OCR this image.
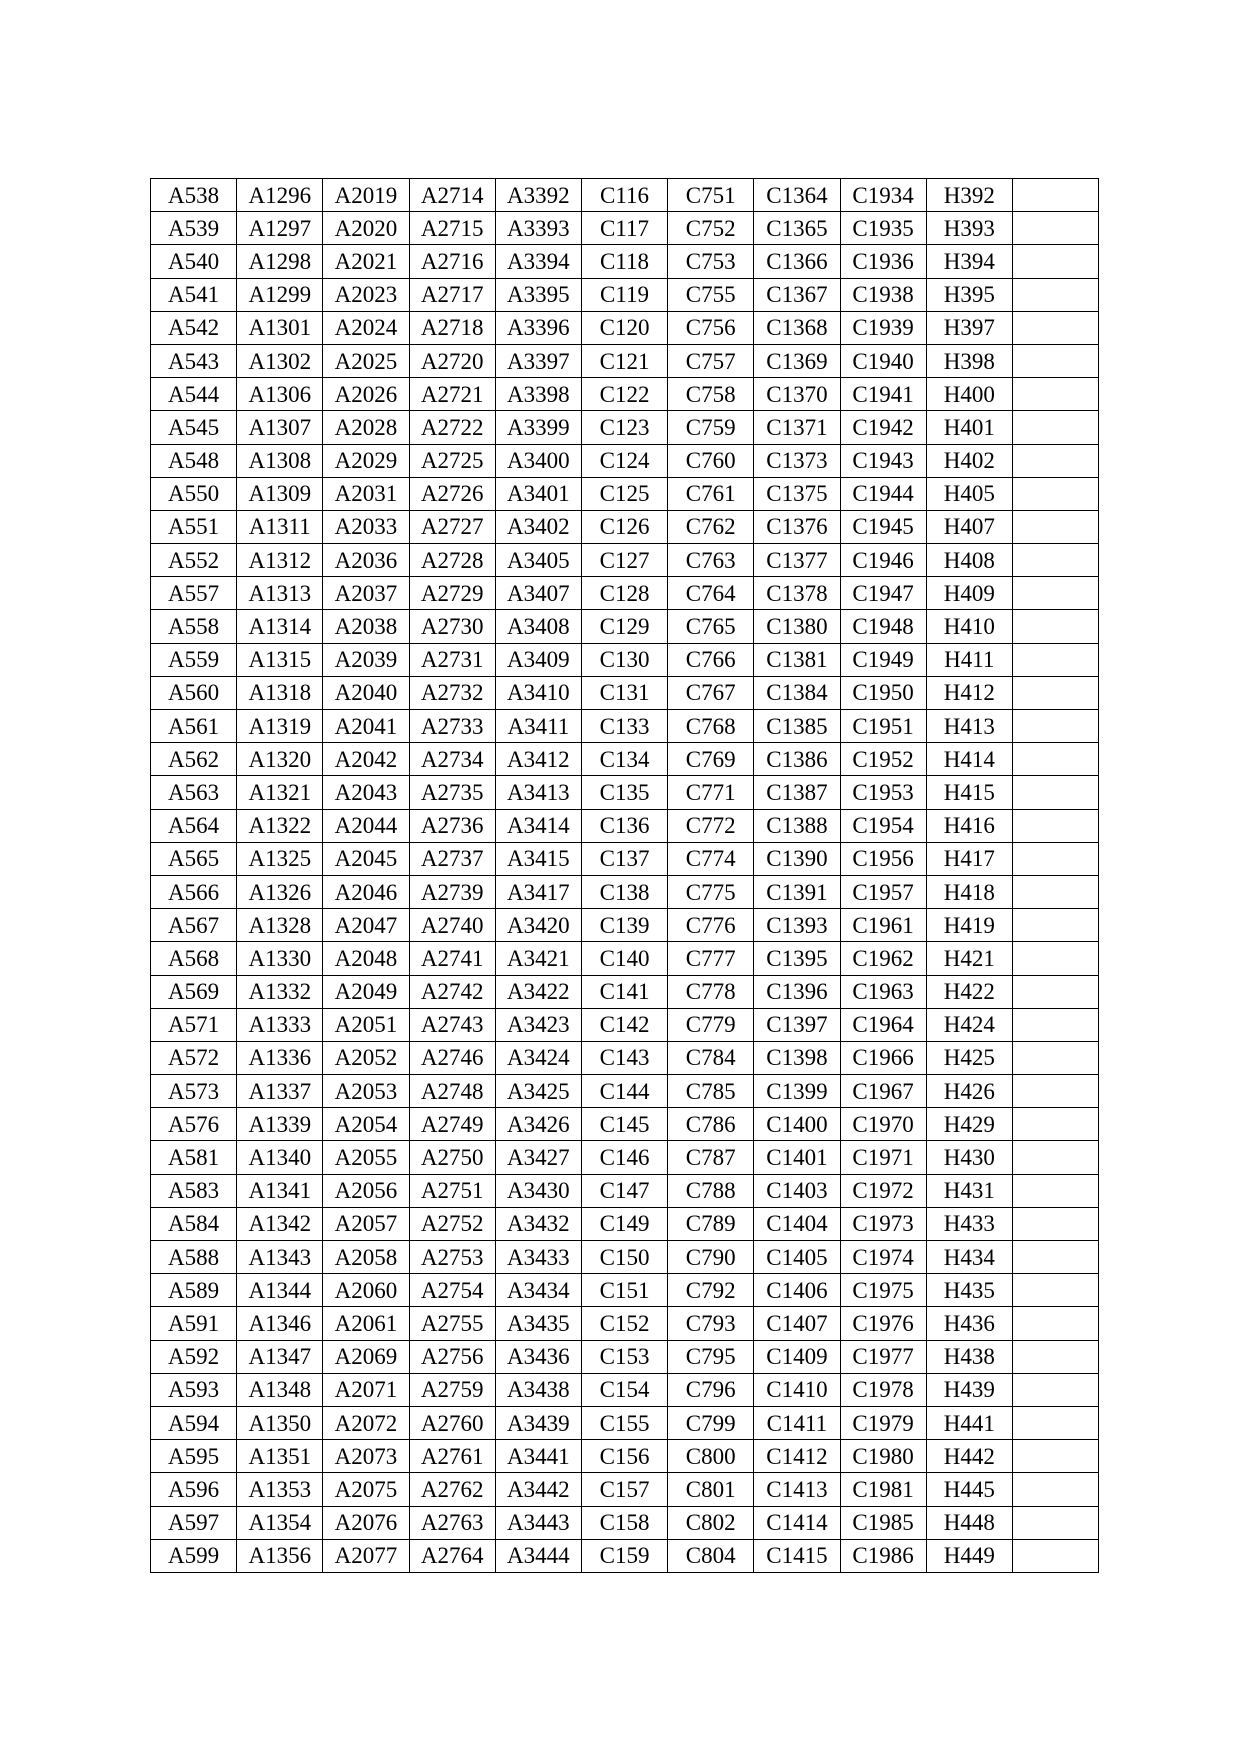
A538	A1296	A2019	A2714	A3392	C116	C751	C1364	C1934	H392	
A539	A1297	A2020	A2715	A3393	C117	C752	C1365	C1935	H393	
A540	A1298	A2021	A2716	A3394	C118	C753	C1366	C1936	H394	
A541	A1299	A2023	A2717	A3395	C119	C755	C1367	C1938	H395	
A542	A1301	A2024	A2718	A3396	C120	C756	C1368	C1939	H397	
A543	A1302	A2025	A2720	A3397	C121	C757	C1369	C1940	H398	
A544	A1306	A2026	A2721	A3398	C122	C758	C1370	C1941	H400	
A545	A1307	A2028	A2722	A3399	C123	C759	C1371	C1942	H401	
A548	A1308	A2029	A2725	A3400	C124	C760	C1373	C1943	H402	
A550	A1309	A2031	A2726	A3401	C125	C761	C1375	C1944	H405	
A551	A1311	A2033	A2727	A3402	C126	C762	C1376	C1945	H407	
A552	A1312	A2036	A2728	A3405	C127	C763	C1377	C1946	H408	
A557	A1313	A2037	A2729	A3407	C128	C764	C1378	C1947	H409	
A558	A1314	A2038	A2730	A3408	C129	C765	C1380	C1948	H410	
A559	A1315	A2039	A2731	A3409	C130	C766	C1381	C1949	H411	
A560	A1318	A2040	A2732	A3410	C131	C767	C1384	C1950	H412	
A561	A1319	A2041	A2733	A3411	C133	C768	C1385	C1951	H413	
A562	A1320	A2042	A2734	A3412	C134	C769	C1386	C1952	H414	
A563	A1321	A2043	A2735	A3413	C135	C771	C1387	C1953	H415	
A564	A1322	A2044	A2736	A3414	C136	C772	C1388	C1954	H416	
A565	A1325	A2045	A2737	A3415	C137	C774	C1390	C1956	H417	
A566	A1326	A2046	A2739	A3417	C138	C775	C1391	C1957	H418	
A567	A1328	A2047	A2740	A3420	C139	C776	C1393	C1961	H419	
A568	A1330	A2048	A2741	A3421	C140	C777	C1395	C1962	H421	
A569	A1332	A2049	A2742	A3422	C141	C778	C1396	C1963	H422	
A571	A1333	A2051	A2743	A3423	C142	C779	C1397	C1964	H424	
A572	A1336	A2052	A2746	A3424	C143	C784	C1398	C1966	H425	
A573	A1337	A2053	A2748	A3425	C144	C785	C1399	C1967	H426	
A576	A1339	A2054	A2749	A3426	C145	C786	C1400	C1970	H429	
A581	A1340	A2055	A2750	A3427	C146	C787	C1401	C1971	H430	
A583	A1341	A2056	A2751	A3430	C147	C788	C1403	C1972	H431	
A584	A1342	A2057	A2752	A3432	C149	C789	C1404	C1973	H433	
A588	A1343	A2058	A2753	A3433	C150	C790	C1405	C1974	H434	
A589	A1344	A2060	A2754	A3434	C151	C792	C1406	C1975	H435	
A591	A1346	A2061	A2755	A3435	C152	C793	C1407	C1976	H436	
A592	A1347	A2069	A2756	A3436	C153	C795	C1409	C1977	H438	
A593	A1348	A2071	A2759	A3438	C154	C796	C1410	C1978	H439	
A594	A1350	A2072	A2760	A3439	C155	C799	C1411	C1979	H441	
A595	A1351	A2073	A2761	A3441	C156	C800	C1412	C1980	H442	
A596	A1353	A2075	A2762	A3442	C157	C801	C1413	C1981	H445	
A597	A1354	A2076	A2763	A3443	C158	C802	C1414	C1985	H448	
A599	A1356	A2077	A2764	A3444	C159	C804	C1415	C1986	H449	
